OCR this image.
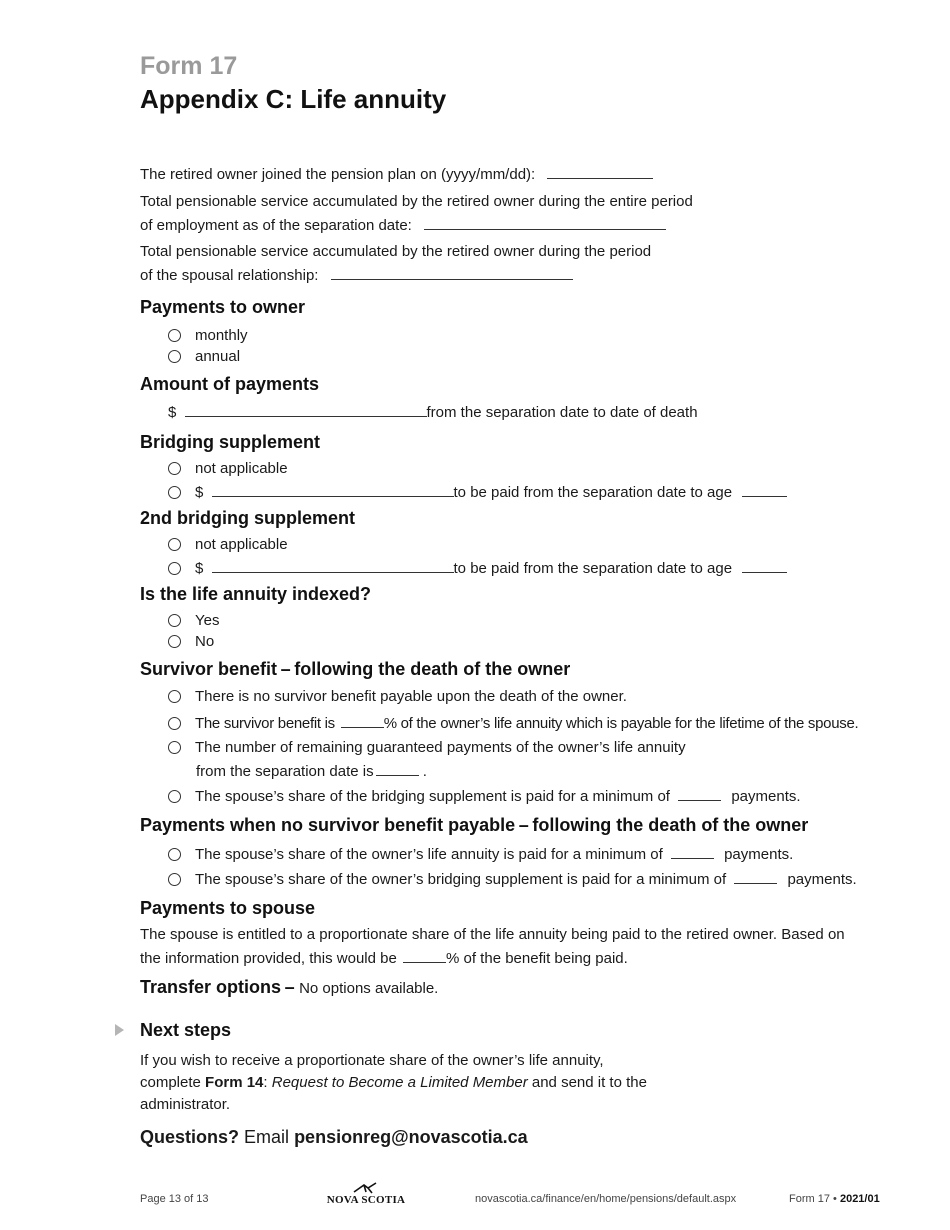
Form 17
Appendix C: Life annuity
The retired owner joined the pension plan on (yyyy/mm/dd):
Total pensionable service accumulated by the retired owner during the entire period
of employment as of the separation date:
Total pensionable service accumulated by the retired owner during the period
of the spousal relationship:
Payments to owner
monthly
annual
Amount of payments
$	from the separation date to date of death
Bridging supplement
not applicable
$	to be paid from the separation date to age
2nd bridging supplement
not applicable
$	to be paid from the separation date to age
Is the life annuity indexed?
Yes
No
Survivor benefit – following the death of the owner
There is no survivor benefit payable upon the death of the owner.
The survivor benefit is	% of the owner’s life annuity which is payable for the lifetime of the spouse.
The number of remaining guaranteed payments of the owner’s life annuity
from the separation date is	.
The spouse’s share of the bridging supplement is paid for a minimum of	payments.
Payments when no survivor benefit payable – following the death of the owner
The spouse’s share of the owner’s life annuity is paid for a minimum of	payments.
The spouse’s share of the owner’s bridging supplement is paid for a minimum of	payments.
Payments to spouse
The spouse is entitled to a proportionate share of the life annuity being paid to the retired owner. Based on
the information provided, this would be	% of the benefit being paid.
Transfer options – No options available.
Next steps
If you wish to receive a proportionate share of the owner’s life annuity,
complete Form 14: Request to Become a Limited Member and send it to the
administrator.
Questions? Email pensionreg@novascotia.ca
Page 13 of 13	NOVA SCOTIA	novascotia.ca/finance/en/home/pensions/default.aspx	Form 17 • 2021/01
